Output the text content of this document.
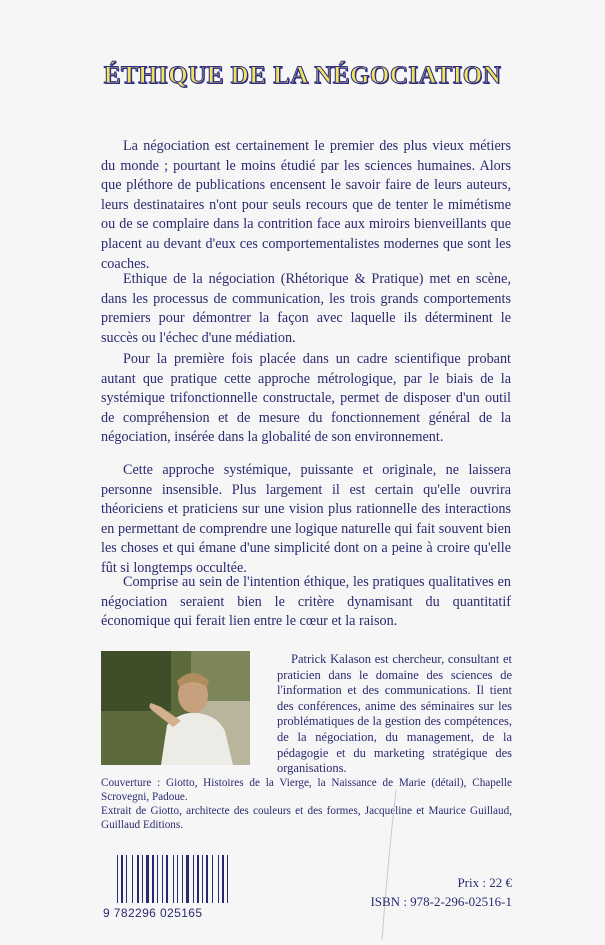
ÉTHIQUE DE LA NÉGOCIATION

La négociation est certainement le premier des plus vieux métiers du monde ; pourtant le moins étudié par les sciences humaines. Alors que pléthore de publications encensent le savoir faire de leurs auteurs, leurs destinataires n'ont pour seuls recours que de tenter le mimétisme ou de se complaire dans la contrition face aux miroirs bienveillants que placent au devant d'eux ces comportementalistes modernes que sont les coaches.

Ethique de la négociation (Rhétorique & Pratique) met en scène, dans les processus de communication, les trois grands comportements premiers pour démontrer la façon avec laquelle ils déterminent le succès ou l'échec d'une médiation.

Pour la première fois placée dans un cadre scientifique probant autant que pratique cette approche métrologique, par le biais de la systémique trifonctionnelle constructale, permet de disposer d'un outil de compréhension et de mesure du fonctionnement général de la négociation, insérée dans la globalité de son environnement.

Cette approche systémique, puissante et originale, ne laissera personne insensible. Plus largement il est certain qu'elle ouvrira théoriciens et praticiens sur une vision plus rationnelle des interactions en permettant de comprendre une logique naturelle qui fait souvent bien les choses et qui émane d'une simplicité dont on a peine à croire qu'elle fût si longtemps occultée.

Comprise au sein de l'intention éthique, les pratiques qualitatives en négociation seraient bien le critère dynamisant du quantitatif économique qui ferait lien entre le cœur et la raison.

Patrick Kalason est chercheur, consultant et praticien dans le domaine des sciences de l'information et des communications. Il tient des conférences, anime des séminaires sur les problématiques de la gestion des compétences, de la négociation, du management, de la pédagogie et du marketing stratégique des organisations.

Couverture : Giotto, Histoires de la Vierge, la Naissance de Marie (détail), Chapelle Scrovegni, Padoue.
Extrait de Giotto, architecte des couleurs et des formes, Jacqueline et Maurice Guillaud, Guillaud Editions.
9 782296 025165
Prix : 22 €
ISBN : 978-2-296-02516-1
